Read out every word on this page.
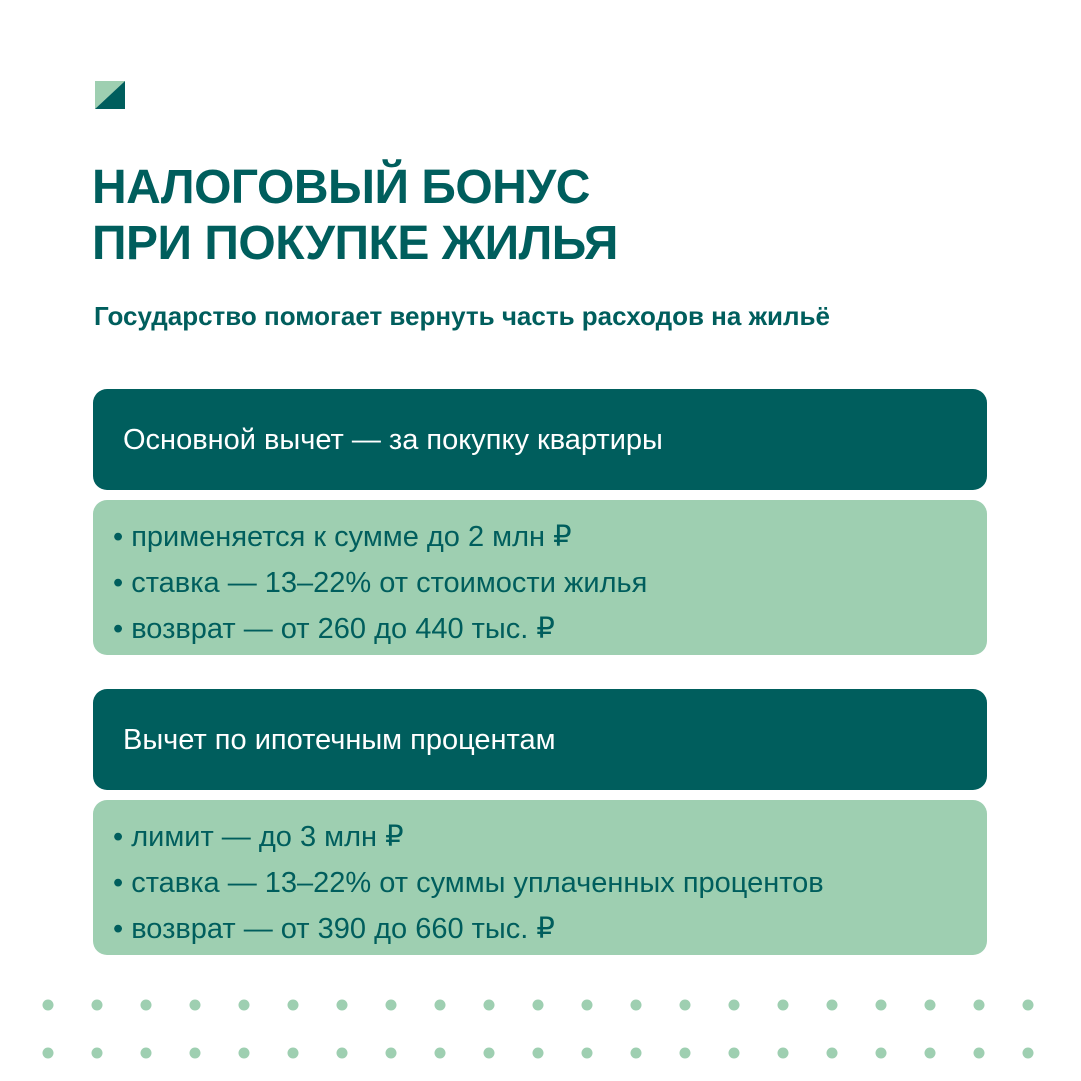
НАЛОГОВЫЙ БОНУС
ПРИ ПОКУПКЕ ЖИЛЬЯ
Государство помогает вернуть часть расходов на жильё
Основной вычет — за покупку квартиры
• применяется к сумме до 2 млн ₽
• ставка — 13–22% от стоимости жилья
• возврат — от 260 до 440 тыс. ₽
Вычет по ипотечным процентам
• лимит — до 3 млн ₽
• ставка — 13–22% от суммы уплаченных процентов
• возврат — от 390 до 660 тыс. ₽
